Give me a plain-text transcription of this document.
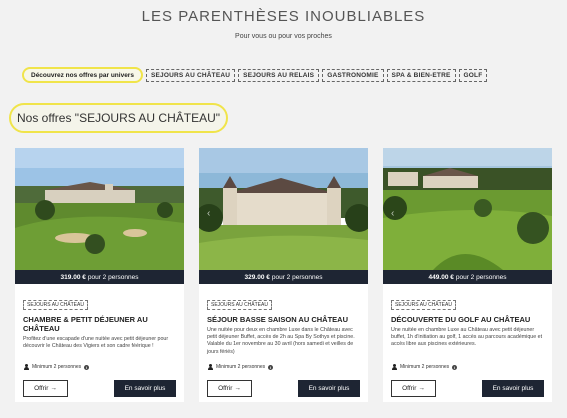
LES PARENTHÈSES INOUBLIABLES
Pour vous ou pour vos proches
Découvrez nos offres par univers	SEJOURS AU CHÂTEAU	SEJOURS AU RELAIS	GASTRONOMIE	SPA & BIEN-ETRE	GOLF
Nos offres "SEJOURS AU CHÂTEAU"
319.00 € pour 2 personnes
SEJOURS AU CHÂTEAU
CHAMBRE & PETIT DÉJEUNER AU CHÂTEAU
Profitez d'une escapade d'une nuitée avec petit déjeuner pour découvrir le Château des Vigiers et son cadre féérique !
Minimum 2 personnes	i
Offrir →	En savoir plus
‹
329.00 € pour 2 personnes
SEJOURS AU CHÂTEAU
SÉJOUR BASSE SAISON AU CHÂTEAU
Une nuitée pour deux en chambre Luxe dans le Château avec petit déjeuner Buffet, accès de 2h au Spa By Sothys et piscine. Valable du 1er novembre au 30 avril (hors samedi et veilles de jours fériés)
Minimum 2 personnes	i
Offrir →	En savoir plus
‹
449.00 € pour 2 personnes
SEJOURS AU CHÂTEAU
DÉCOUVERTE DU GOLF AU CHÂTEAU
Une nuitée en chambre Luxe au Château avec petit déjeuner buffet, 1h d'initiation au golf, 1 accès au parcours académique et accès libre aux piscines extérieures.
Minimum 2 personnes	i
Offrir →	En savoir plus
